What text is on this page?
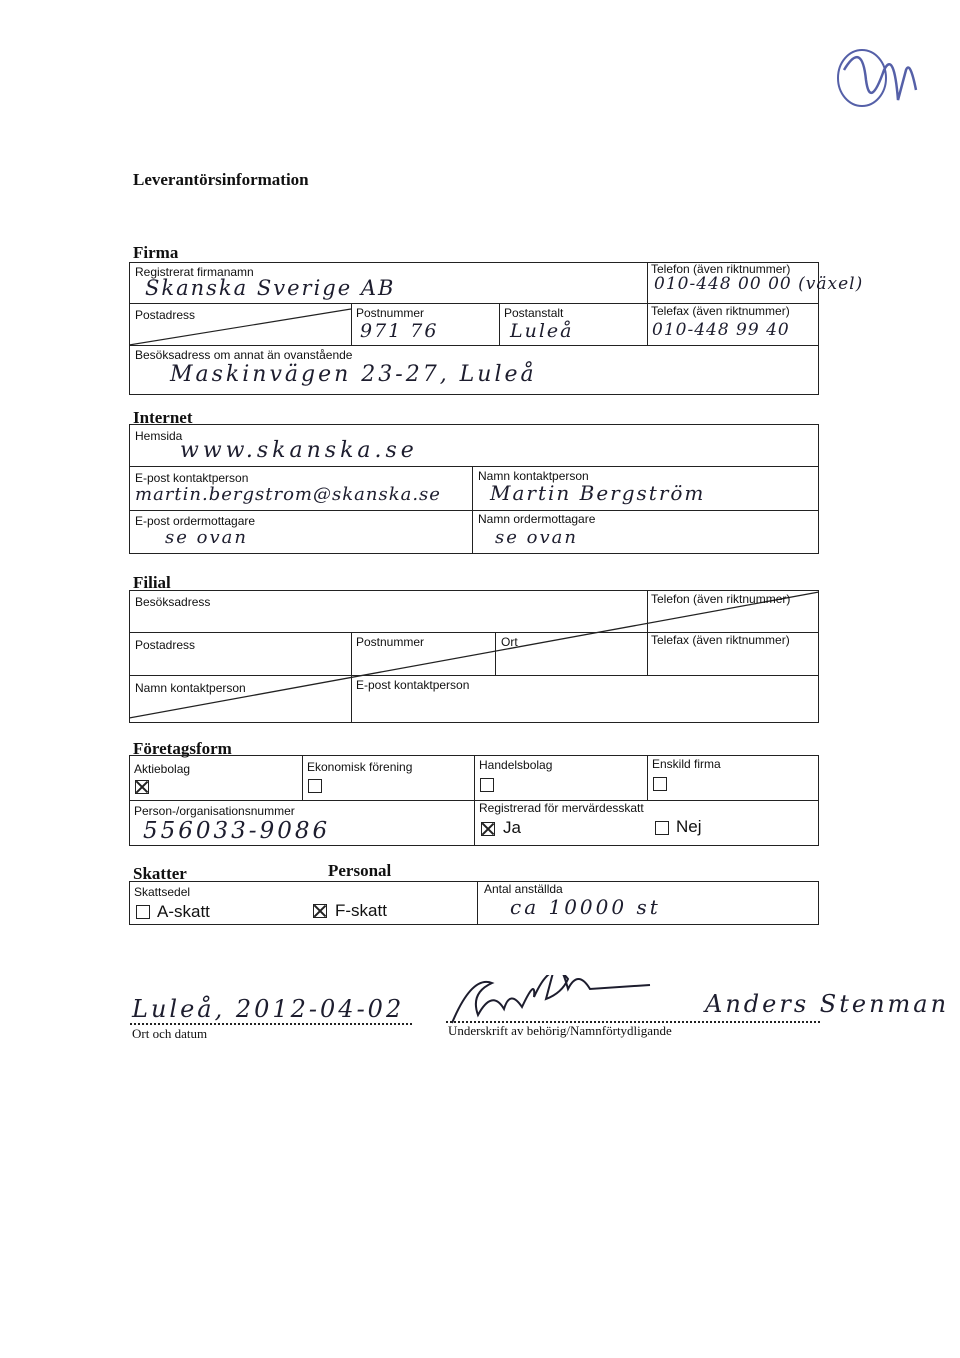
Leverantörsinformation
Firma
Registrerat firmanamn
Skanska Sverige AB
Telefon (även riktnummer)
010-448 00 00 (växel)
Postadress	Postnummer
971 76
Postanstalt
Luleå
Telefax (även riktnummer)
010-448 99 40
Besöksadress om annat än ovanstående
Maskinvägen 23-27, Luleå
Internet
Hemsida
www.skanska.se
E-post kontaktperson
martin.bergstrom@skanska.se
Namn kontaktperson
Martin Bergström
E-post ordermottagare
se ovan
Namn ordermottagare
se ovan
Filial
Besöksadress	Telefon (även riktnummer)
Postadress	Postnummer	Ort	Telefax (även riktnummer)
Namn kontaktperson	E-post kontaktperson
Företagsform
Aktiebolag	Ekonomisk förening	Handelsbolag	Enskild firma
Person-/organisationsnummer
556033-9086
Registrerad för mervärdesskatt
Ja	Nej
Skatter	Personal
Skattsedel
A-skatt	F-skatt
Antal anställda
ca 10000 st
Luleå, 2012-04-02
Ort och datum
Anders Stenman
Underskrift av behörig/Namnförtydligande
